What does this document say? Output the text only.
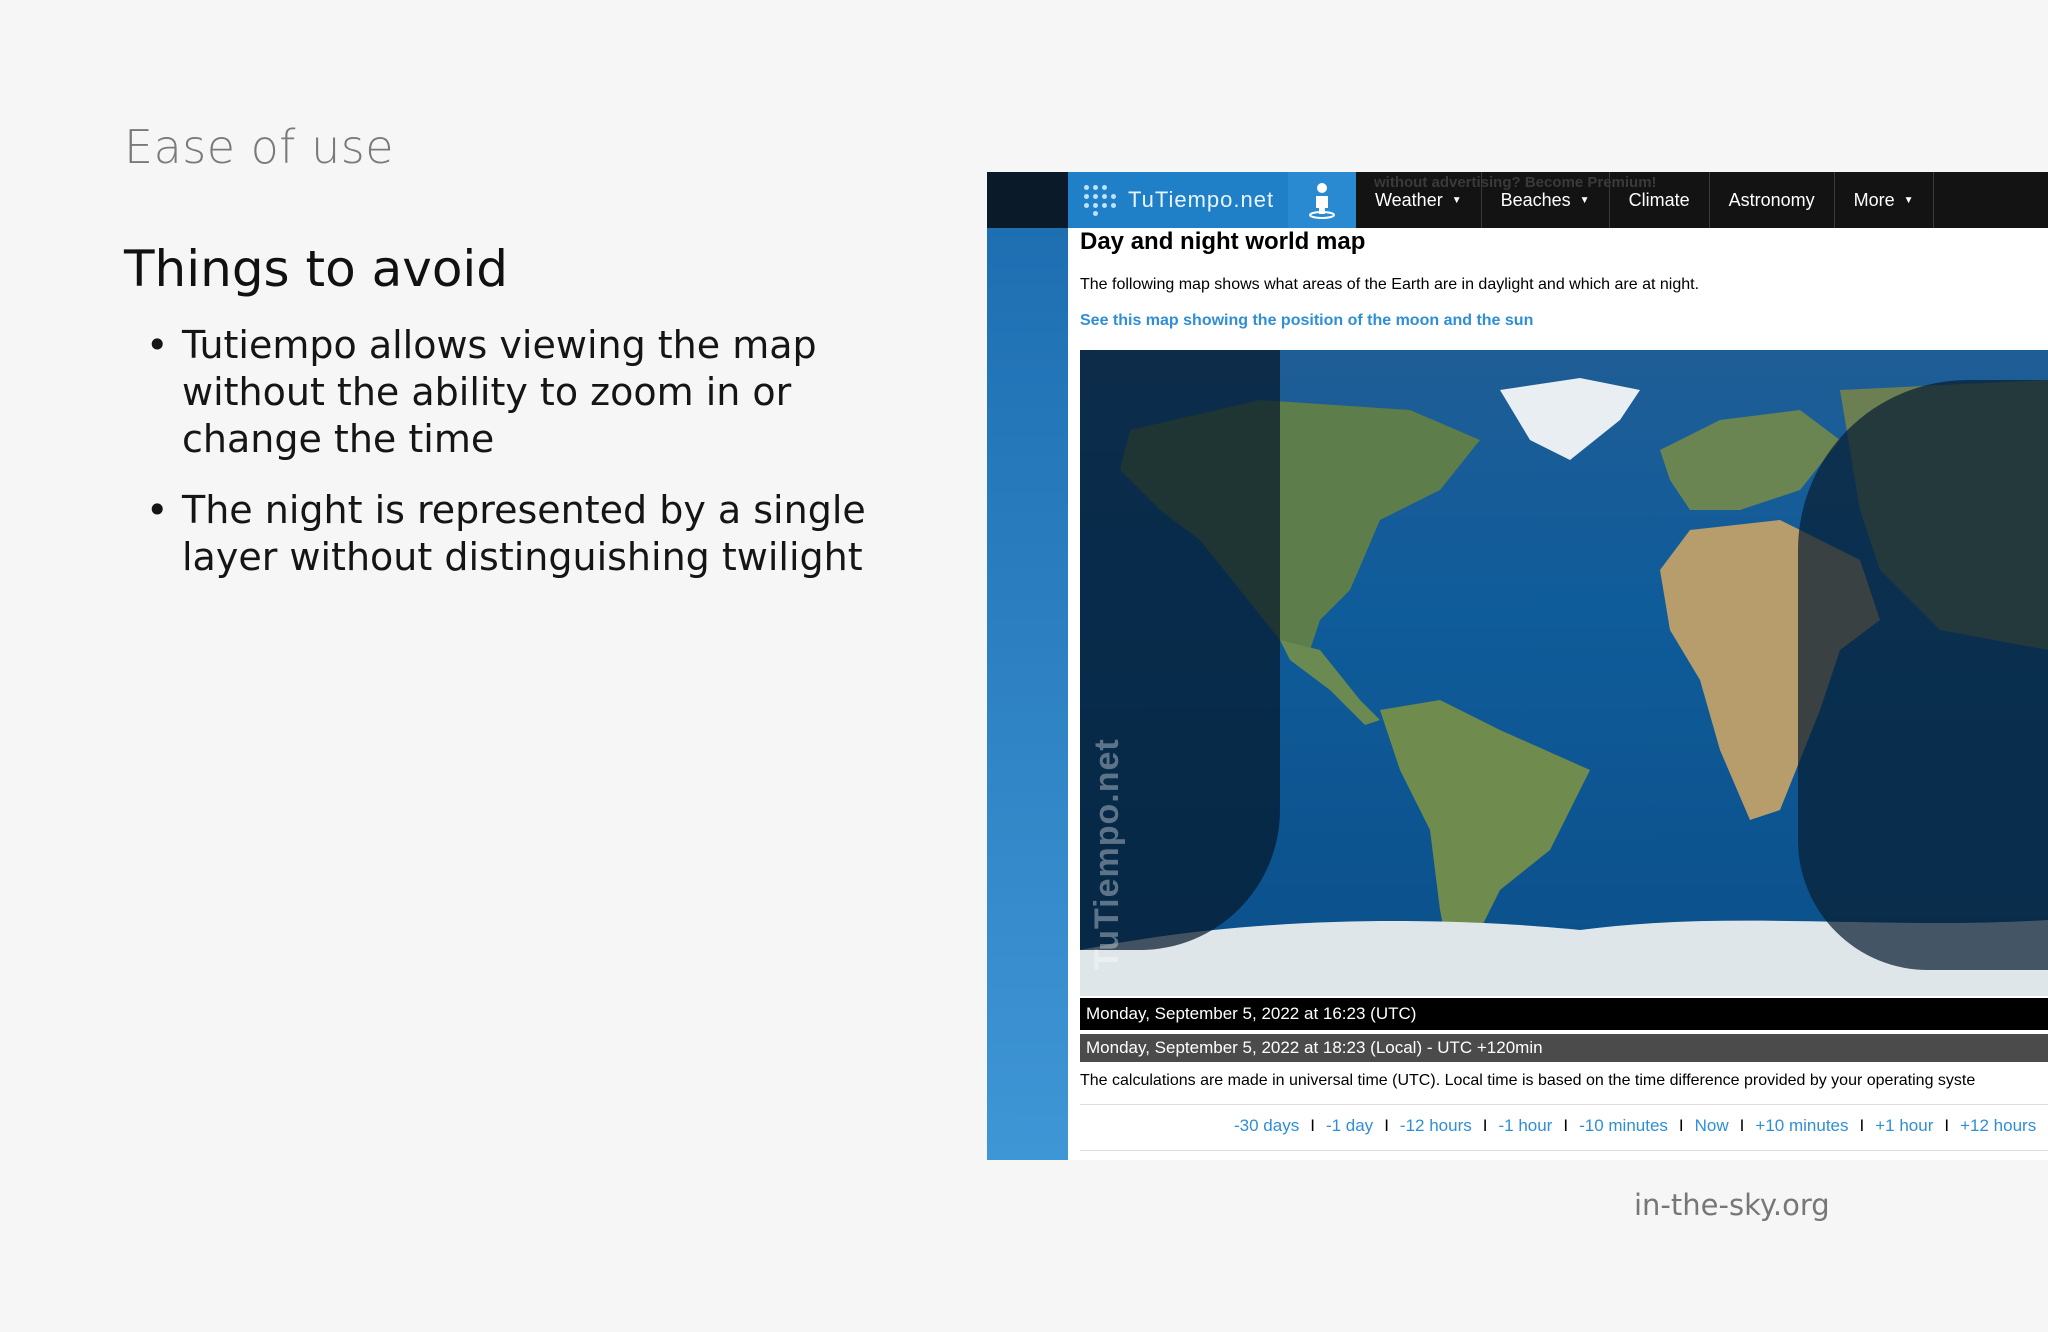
Ease of use
Things to avoid
• Tutiempo allows viewing the map without the ability to zoom in or change the time
• The night is represented by a single layer without distinguishing twilight
TuTiempo.net
without advertising? Become Premium!
Weather ▼ Beaches ▼ Climate Astronomy More ▼
Day and night world map
The following map shows what areas of the Earth are in daylight and which are at night.
See this map showing the position of the moon and the sun
TuTiempo.net
Monday, September 5, 2022 at 16:23 (UTC)
Monday, September 5, 2022 at 18:23 (Local) - UTC +120min
The calculations are made in universal time (UTC). Local time is based on the time difference provided by your operating syste
-30 days I -1 day I -12 hours I -1 hour I -10 minutes I Now I +10 minutes I +1 hour I +12 hours
in-the-sky.org
